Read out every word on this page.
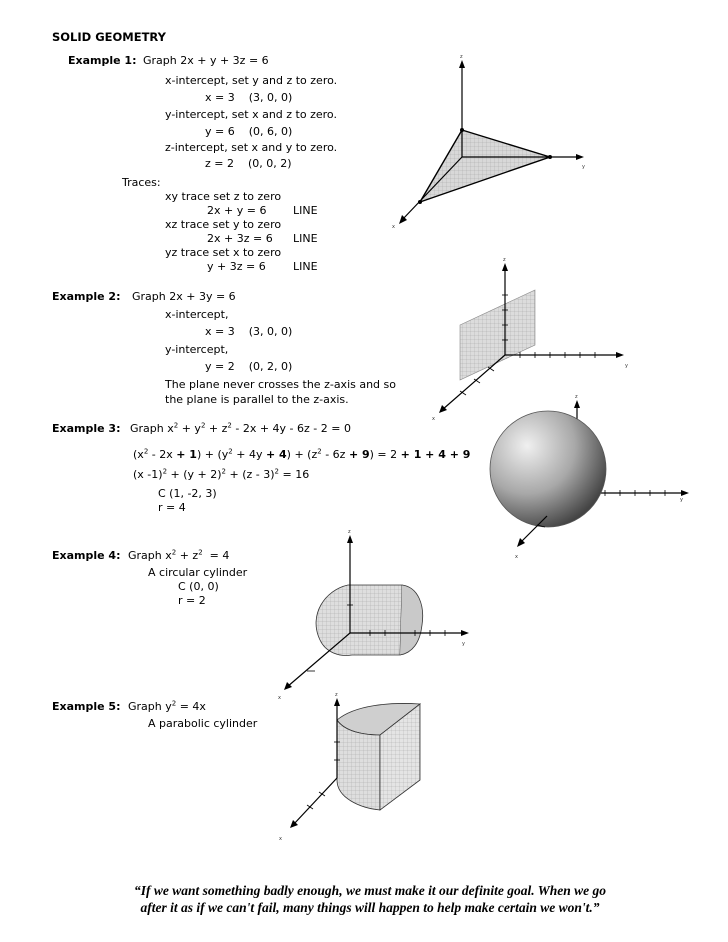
SOLID GEOMETRY
Example 1: Graph 2x + y + 3z = 6
x-intercept, set y and z to zero.
x = 3    (3, 0, 0)
y-intercept, set x and z to zero.
y = 6    (0, 6, 0)
z-intercept, set x and y to zero.
z = 2    (0, 0, 2)
Traces:
xy trace set z to zero
2x + y = 6 LINE
xz trace set y to zero
2x + 3z = 6 LINE
yz trace set x to zero
y + 3z = 6 LINE
z
y
x
Example 2: Graph 2x + 3y = 6
x-intercept,
x = 3    (3, 0, 0)
y-intercept,
y = 2    (0, 2, 0)
The plane never crosses the z-axis and so
the plane is parallel to the z-axis.
z
y
x
Example 3: Graph $x^2 + y^2 + z^2 - 2x + 4y - 6z - 2 = 0$
$(x^2 - 2x + 1) + (y^2 + 4y + 4) + (z^2 - 6z + 9) = 2 + 1 + 4 + 9$
(x $-1)^2 + (y + 2)^2 + (z - 3)^2 = 16$
C (1, -2, 3)
r = 4
z
y
x
Example 4: Graph $x^2 + z^2 = 4$
A circular cylinder
C (0, 0)
r = 2
z
y
x
Example 5: Graph $y^2 = 4x$
A parabolic cylinder
z
x
“If we want something badly enough, we must make it our definite goal. When we go
after it as if we can't fail, many things will happen to help make certain we won't.”
